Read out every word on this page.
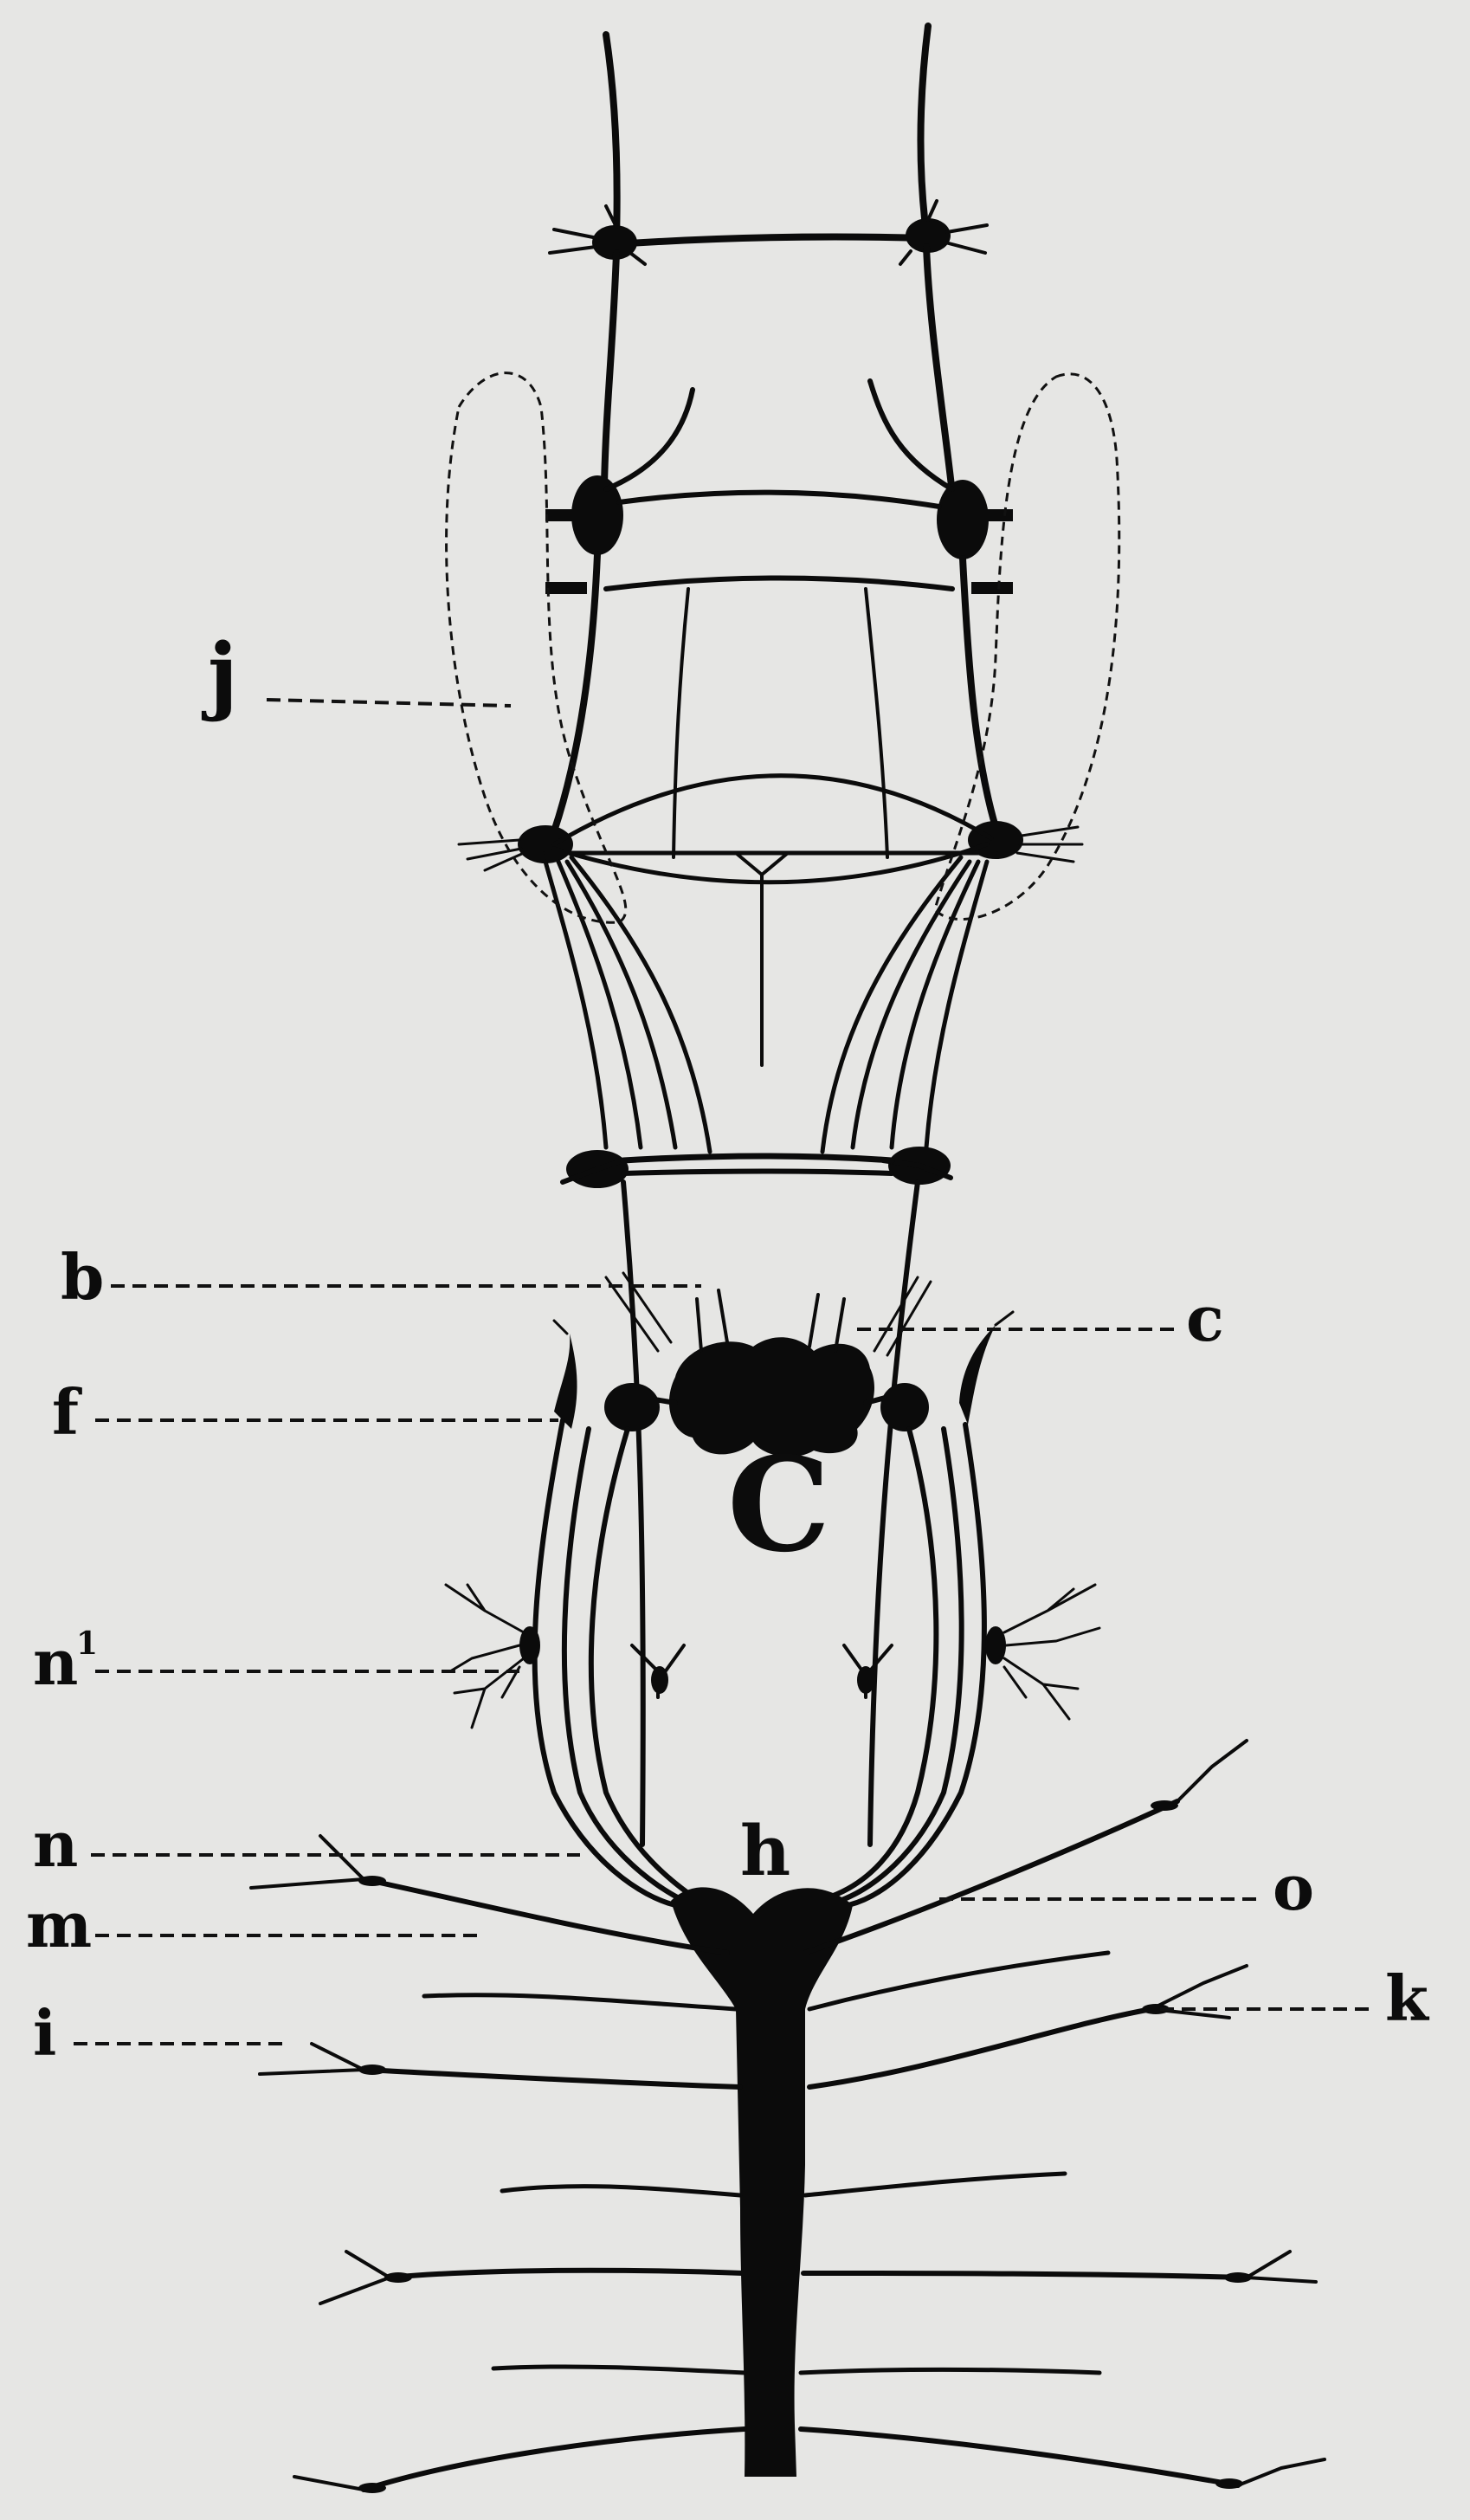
j
b
c
f
C
n
1
n	h	o
m
k
i
